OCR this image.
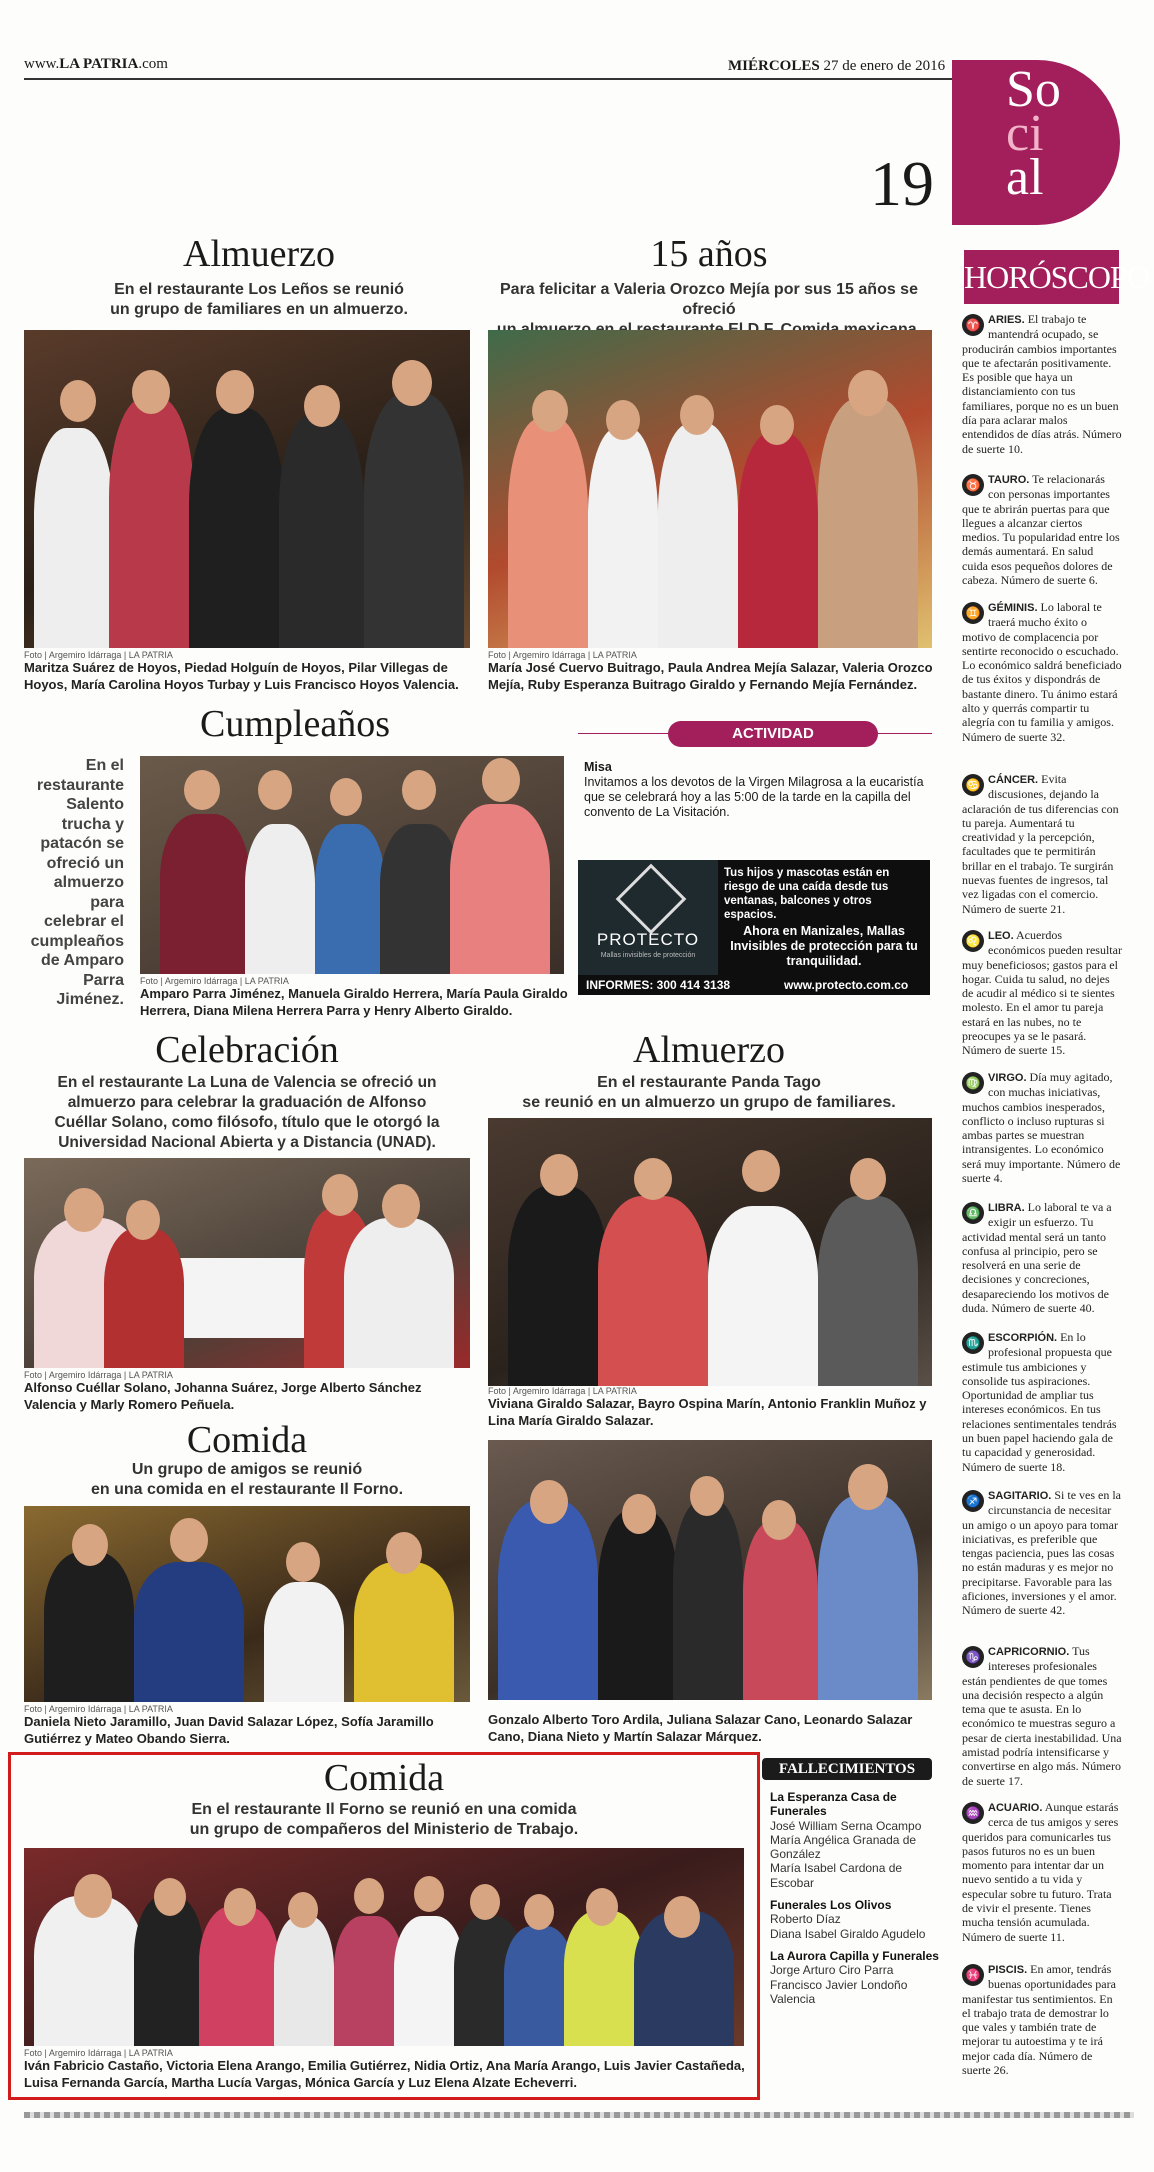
www.LA PATRIA.com	MIÉRCOLES 27 de enero de 2016
19
So
ci
al
Almuerzo
En el restaurante Los Leños se reunió
un grupo de familiares en un almuerzo.
Foto | Argemiro Idárraga | LA PATRIA
Maritza Suárez de Hoyos, Piedad Holguín de Hoyos, Pilar Villegas de Hoyos, María Carolina Hoyos Turbay y Luis Francisco Hoyos Valencia.
15 años
Para felicitar a Valeria Orozco Mejía por sus 15 años se ofreció
Foto | Argemiro Idárraga | LA PATRIA
María José Cuervo Buitrago, Paula Andrea Mejía Salazar, Valeria Orozco Mejía, Ruby Esperanza Buitrago Giraldo y Fernando Mejía Fernández.
Cumpleaños
En el restaurante Salento trucha y patacón se ofreció un almuerzo para celebrar el cumpleaños de Amparo Parra Jiménez.
Foto | Argemiro Idárraga | LA PATRIA
Amparo Parra Jiménez, Manuela Giraldo Herrera, María Paula Giraldo Herrera, Diana Milena Herrera Parra y Henry Alberto Giraldo.
ACTIVIDAD
Misa
Invitamos a los devotos de la Virgen Milagrosa a la eucaristía que se celebrará hoy a las 5:00 de la tarde en la capilla del convento de La Visitación.
PROTECTO
Mallas invisibles de protección
Tus hijos y mascotas están en riesgo de una caída desde tus ventanas, balcones y otros espacios.
Ahora en Manizales, Mallas Invisibles de protección para tu tranquilidad.
INFORMES: 300 414 3138	www.protecto.com.co
Celebración
En el restaurante La Luna de Valencia se ofreció un
almuerzo para celebrar la graduación de Alfonso
Cuéllar Solano, como filósofo, título que le otorgó la
Universidad Nacional Abierta y a Distancia (UNAD).
Foto | Argemiro Idárraga | LA PATRIA
Alfonso Cuéllar Solano, Johanna Suárez, Jorge Alberto Sánchez Valencia y Marly Romero Peñuela.
Almuerzo
En el restaurante Panda Tago
se reunió en un almuerzo un grupo de familiares.
Foto | Argemiro Idárraga | LA PATRIA
Viviana Giraldo Salazar, Bayro Ospina Marín, Antonio Franklin Muñoz y Lina María Giraldo Salazar.
Comida
Un grupo de amigos se reunió
en una comida en el restaurante Il Forno.
Foto | Argemiro Idárraga | LA PATRIA
Daniela Nieto Jaramillo, Juan David Salazar López, Sofía Jaramillo Gutiérrez y Mateo Obando Sierra.
Gonzalo Alberto Toro Ardila, Juliana Salazar Cano, Leonardo Salazar Cano, Diana Nieto y Martín Salazar Márquez.
Comida
En el restaurante Il Forno se reunió en una comida
un grupo de compañeros del Ministerio de Trabajo.
Foto | Argemiro Idárraga | LA PATRIA
Iván Fabricio Castaño, Victoria Elena Arango, Emilia Gutiérrez, Nidia Ortiz, Ana María Arango, Luis Javier Castañeda, Luisa Fernanda García, Martha Lucía Vargas, Mónica García y Luz Elena Alzate Echeverri.
FALLECIMIENTOS
La Esperanza Casa de Funerales
José William Serna Ocampo
María Angélica Granada de González
María Isabel Cardona de Escobar
Funerales Los Olivos
Roberto Díaz
Diana Isabel Giraldo Agudelo
La Aurora Capilla y Funerales
Jorge Arturo Ciro Parra
Francisco Javier Londoño Valencia
HORÓSCOPO
♈ ARIES. El trabajo te mantendrá ocupado, se producirán cambios importantes que te afectarán positivamente. Es posible que haya un distanciamiento con tus familiares, porque no es un buen día para aclarar malos entendidos de días atrás. Número de suerte 10.
♉ TAURO. Te relacionarás con personas importantes que te abrirán puertas para que llegues a alcanzar ciertos medios. Tu popularidad entre los demás aumentará. En salud cuida esos pequeños dolores de cabeza. Número de suerte 6.
♊ GÉMINIS. Lo laboral te traerá mucho éxito o motivo de complacencia por sentirte reconocido o escuchado. Lo económico saldrá beneficiado de tus éxitos y dispondrás de bastante dinero. Tu ánimo estará alto y querrás compartir tu alegría con tu familia y amigos. Número de suerte 32.
♋ CÁNCER. Evita discusiones, dejando la aclaración de tus diferencias con tu pareja. Aumentará tu creatividad y la percepción, facultades que te permitirán brillar en el trabajo. Te surgirán nuevas fuentes de ingresos, tal vez ligadas con el comercio. Número de suerte 21.
♌ LEO. Acuerdos económicos pueden resultar muy beneficiosos; gastos para el hogar. Cuida tu salud, no dejes de acudir al médico si te sientes molesto. En el amor tu pareja estará en las nubes, no te preocupes ya se le pasará. Número de suerte 15.
♍ VIRGO. Día muy agitado, con muchas iniciativas, muchos cambios inesperados, conflicto o incluso rupturas si ambas partes se muestran intransigentes. Lo económico será muy importante. Número de suerte 4.
♎ LIBRA. Lo laboral te va a exigir un esfuerzo. Tu actividad mental será un tanto confusa al principio, pero se resolverá en una serie de decisiones y concreciones, desapareciendo los motivos de duda. Número de suerte 40.
♏ ESCORPIÓN. En lo profesional propuesta que estimule tus ambiciones y consolide tus aspiraciones. Oportunidad de ampliar tus intereses económicos. En tus relaciones sentimentales tendrás un buen papel haciendo gala de tu capacidad y generosidad. Número de suerte 18.
♐ SAGITARIO. Si te ves en la circunstancia de necesitar un amigo o un apoyo para tomar iniciativas, es preferible que tengas paciencia, pues las cosas no están maduras y es mejor no precipitarse. Favorable para las aficiones, inversiones y el amor. Número de suerte 42.
♑ CAPRICORNIO. Tus intereses profesionales están pendientes de que tomes una decisión respecto a algún tema que te asusta. En lo económico te muestras seguro a pesar de cierta inestabilidad. Una amistad podría intensificarse y convertirse en algo más. Número de suerte 17.
♒ ACUARIO. Aunque estarás cerca de tus amigos y seres queridos para comunicarles tus pasos futuros no es un buen momento para intentar dar un nuevo sentido a tu vida y especular sobre tu futuro. Trata de vivir el presente. Tienes mucha tensión acumulada. Número de suerte 11.
♓ PISCIS. En amor, tendrás buenas oportunidades para manifestar tus sentimientos. En el trabajo trata de demostrar lo que vales y también trate de mejorar tu autoestima y te irá mejor cada día. Número de suerte 26.
